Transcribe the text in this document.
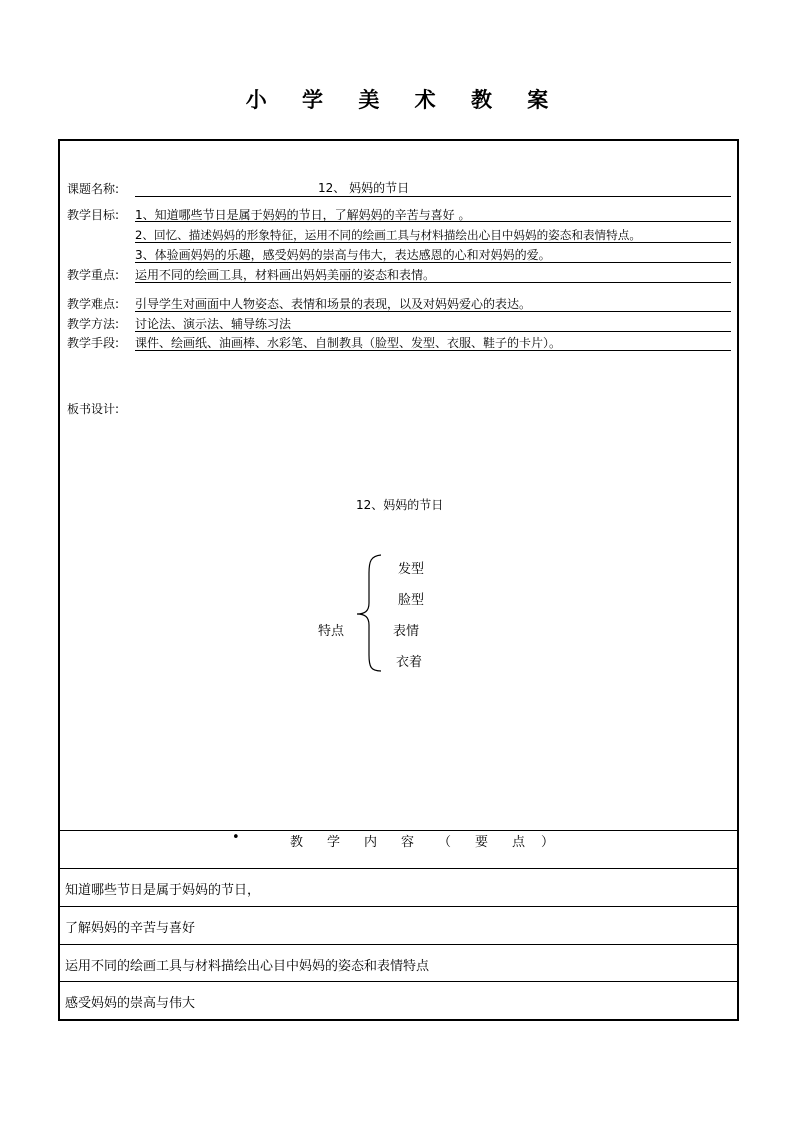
小 学 美 术 教 案
课题名称:	12、 妈妈的节日
教学目标:	1、知道哪些节日是属于妈妈的节日，了解妈妈的辛苦与喜好 。
2、回忆、描述妈妈的形象特征，运用不同的绘画工具与材料描绘出心目中妈妈的姿态和表情特点。
3、体验画妈妈的乐趣，感受妈妈的崇高与伟大，表达感恩的心和对妈妈的爱。
教学重点:	运用不同的绘画工具，材料画出妈妈美丽的姿态和表情。
教学难点:	引导学生对画面中人物姿态、表情和场景的表现，以及对妈妈爱心的表达。
教学方法:	讨论法、演示法、辅导练习法
教学手段:	课件、绘画纸、油画棒、水彩笔、自制教具（脸型、发型、衣服、鞋子的卡片）。
板书设计:
12、妈妈的节日
特点
发型
脸型
表情
衣着
•	教 学 内 容 （ 要 点 ）
知道哪些节日是属于妈妈的节日，
了解妈妈的辛苦与喜好
运用不同的绘画工具与材料描绘出心目中妈妈的姿态和表情特点
感受妈妈的崇高与伟大
